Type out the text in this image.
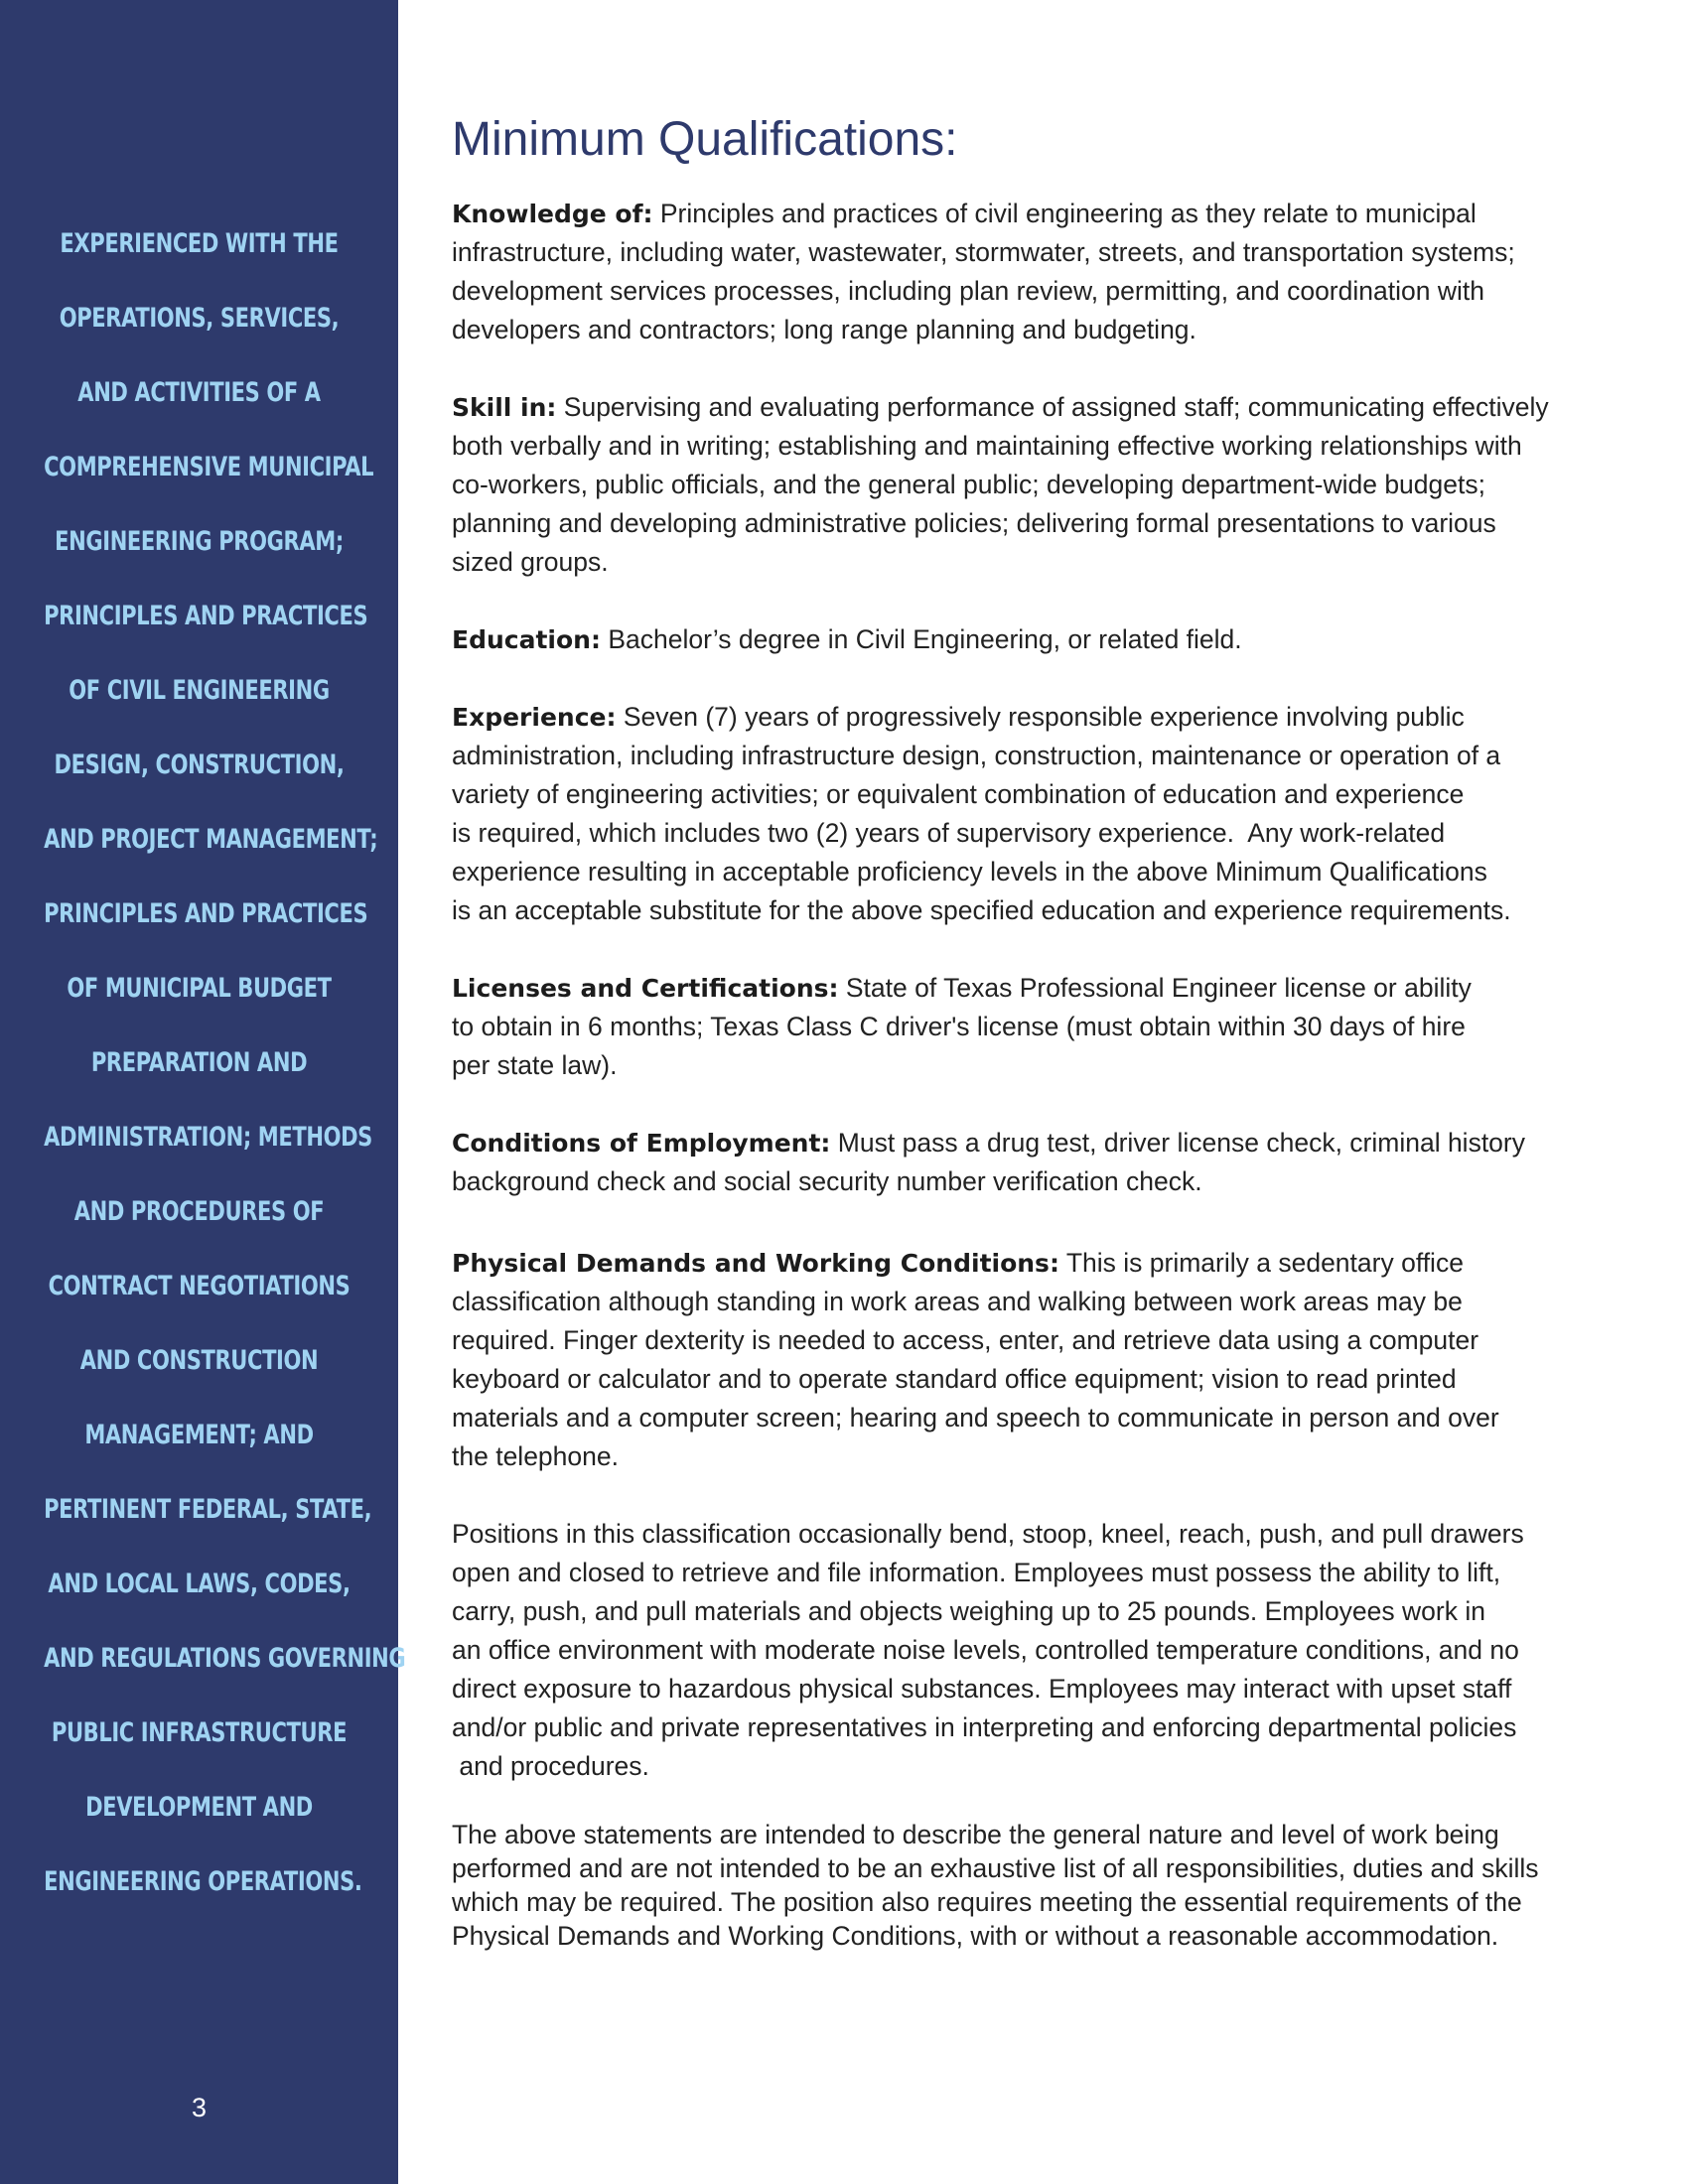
EXPERIENCED WITH THE
OPERATIONS, SERVICES,
AND ACTIVITIES OF A
COMPREHENSIVE MUNICIPAL
ENGINEERING PROGRAM;
PRINCIPLES AND PRACTICES
OF CIVIL ENGINEERING
DESIGN, CONSTRUCTION,
AND PROJECT MANAGEMENT;
PRINCIPLES AND PRACTICES
OF MUNICIPAL BUDGET
PREPARATION AND
ADMINISTRATION; METHODS
AND PROCEDURES OF
CONTRACT NEGOTIATIONS
AND CONSTRUCTION
MANAGEMENT; AND
PERTINENT FEDERAL, STATE,
AND LOCAL LAWS, CODES,
AND REGULATIONS GOVERNING
PUBLIC INFRASTRUCTURE
DEVELOPMENT AND
ENGINEERING OPERATIONS.
3
Minimum Qualifications:

Knowledge of: Principles and practices of civil engineering as they relate to municipal
infrastructure, including water, wastewater, stormwater, streets, and transportation systems;
development services processes, including plan review, permitting, and coordination with
developers and contractors; long range planning and budgeting.

Skill in: Supervising and evaluating performance of assigned staff; communicating effectively
both verbally and in writing; establishing and maintaining effective working relationships with
co-workers, public officials, and the general public; developing department-wide budgets;
planning and developing administrative policies; delivering formal presentations to various
sized groups.

Education: Bachelor’s degree in Civil Engineering, or related field.

Experience: Seven (7) years of progressively responsible experience involving public
administration, including infrastructure design, construction, maintenance or operation of a
variety of engineering activities; or equivalent combination of education and experience
is required, which includes two (2) years of supervisory experience.  Any work-related
experience resulting in acceptable proficiency levels in the above Minimum Qualifications
is an acceptable substitute for the above specified education and experience requirements.

Licenses and Certifications: State of Texas Professional Engineer license or ability
to obtain in 6 months; Texas Class C driver's license (must obtain within 30 days of hire
per state law).

Conditions of Employment: Must pass a drug test, driver license check, criminal history
background check and social security number verification check.

Physical Demands and Working Conditions: This is primarily a sedentary office
classification although standing in work areas and walking between work areas may be
required. Finger dexterity is needed to access, enter, and retrieve data using a computer
keyboard or calculator and to operate standard office equipment; vision to read printed
materials and a computer screen; hearing and speech to communicate in person and over
the telephone.

Positions in this classification occasionally bend, stoop, kneel, reach, push, and pull drawers
open and closed to retrieve and file information. Employees must possess the ability to lift,
carry, push, and pull materials and objects weighing up to 25 pounds. Employees work in
an office environment with moderate noise levels, controlled temperature conditions, and no
direct exposure to hazardous physical substances. Employees may interact with upset staff
and/or public and private representatives in interpreting and enforcing departmental policies
and procedures.

The above statements are intended to describe the general nature and level of work being
performed and are not intended to be an exhaustive list of all responsibilities, duties and skills
which may be required. The position also requires meeting the essential requirements of the
Physical Demands and Working Conditions, with or without a reasonable accommodation.
